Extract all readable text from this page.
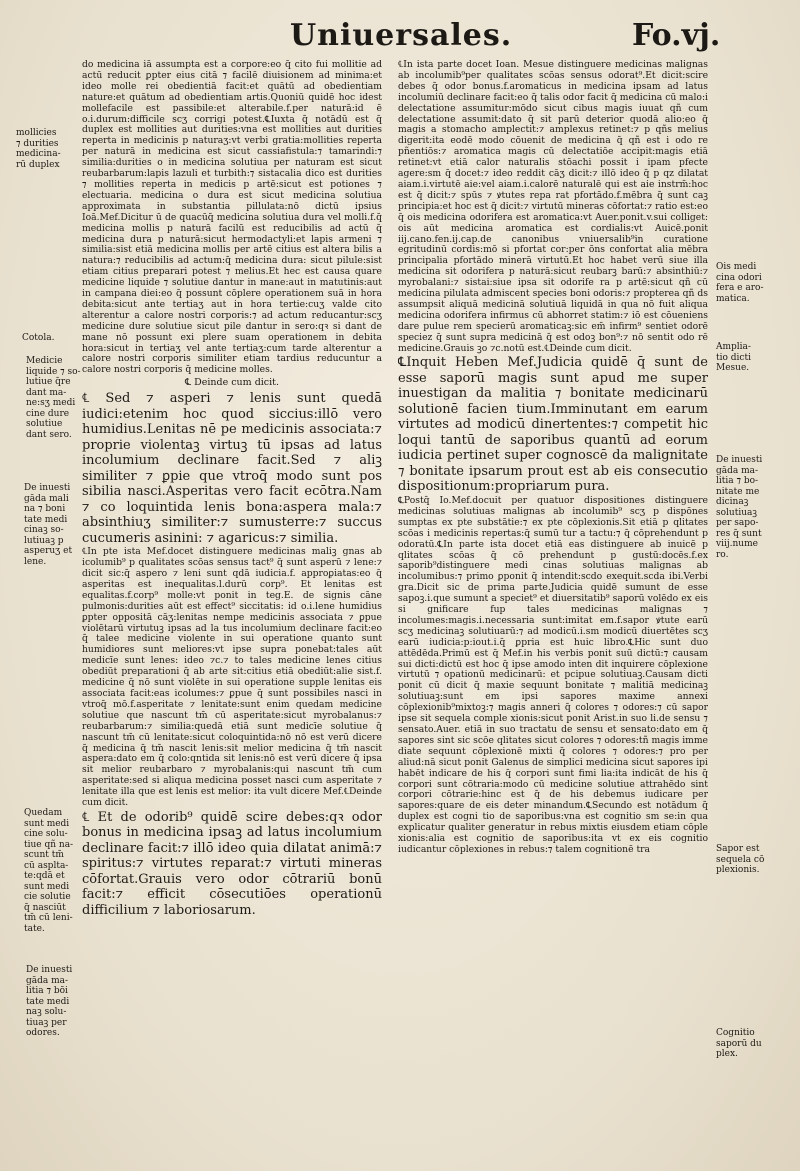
Uniuersales.	Fo.vj.

do medicina iā assumpta est a corpore:eo q̄ cito fui mollitie ad actū reducit ꝑpter eius citā ⁊ facilē diuisionem ad minima:et ideo molle rei obedientiā facit:et quātū ad obedientiam nature:et quātum ad obedientiam artis.Quoniū quidē hoc idest mollefacile est passibile:et alterabile.f.per naturā:id ē o.i.durum:difficile scʒ corrigi potest.℄Iuxta q̄ notādū est q̄ duplex est mollities aut durities:vna est mollities aut durities reperta in medicinis p naturaʒ:vt verbi gratia:mollities reperta per naturā in medicina est sicut cassiafistula:⁊ tamarindi:⁊ similia:durities o in medicina solutiua per naturam est sicut reubarbarum:lapis lazuli et turbith:⁊ sistacalia dico est durities ⁊ mollities reperta in medicis p artē:sicut est potiones ⁊ electuaria. medicina o dura est sicut medicina solutiua approximata in substantia pillulata:nō dictū ipsius Ioā.Mef.Dicitur ū de quacūq̄ medicina solutiua dura vel molli.f.q̄ medicina mollis p naturā facilū est reducibilis ad actū q̄ medicina dura p naturā:sicut hermodactyli:et lapis armeni ⁊ similia:sist etiā medicina mollis per artē citius est altera bilis a natura:⁊ reducibilis ad actum:q̄ medicina dura: sicut pilule:sist etiam citius preparari potest ⁊ melius.Et hec est causa quare medicine liquide ⁊ solutiue dantur in mane:aut in matutinis:aut in campana diei:eo q̄ possunt cōplere operationem suā in hora debita:sicut ante tertiaʒ aut in hora tertie:cuʒ valde cito alterentur a calore nostri corporis:⁊ ad actum reducantur:scʒ medicine dure solutiue sicut pile dantur in sero:qꝛ si dant de mane nō possunt exi plere suam operationem in debita hora:sicut in tertiaʒ vel ante tertiaʒ:cum tarde alterentur a calore nostri corporis similiter etiam tardius reducuntur a calore nostri corporis q̄ medicine molles.

℄ Deinde cum dicit.

℄ Sed ⁊ asperi ⁊ lenis sunt quedā iudici:etenim hoc quod siccius:illō vero humidius.Lenitas nē pe medicinis associata:⁊ proprie violentaꝫ virtuꝫ tū ipsas ad latus incolumium declinare facit.Sed ⁊ aliꝫ similiter ⁊ ꝑpie que vtroq̄ modo sunt pos sibilia nasci.Asperitas vero facit ecōtra.Nam ⁊ co loquintida lenis bona:aspera mala:⁊ absinthiuʒ similiter:⁊ sumusterre:⁊ succus cucumeris asinini: ⁊ agaricus:⁊ similia.

℄In pte ista Mef.docet distinguere medicinas maliꝫ gnas ab icolumib⁹ p qualitates scōas sensus tact⁹ q̄ sunt asperū ⁊ lene:⁊ dicit sic:q̄ aspero ⁊ leni sunt qdā iudicia.f. approꝑiatas:eo q̄ asperitas est inequalitas.l.durū corp⁹. Et lenitas est equalitas.f.corp⁹ molle:vt ponit in teg.E. de signis cāne pulmonis:durities aūt est effect⁹ siccitatis: id o.i.lene humidius ꝑpter oppositā cāʒ:lenitas nempe medicinis associata ⁊ ꝑpue violētarū virtutuꝫ ipsas ad la tus incolumium declinare facit:eo q̄ talee medicine violente in sui operatione quanto sunt humidiores sunt meliores:vt ipse supra ponebat:tales aūt medicīe sunt lenes: ideo ⁊c.⁊ to tales medicine lenes citius obediūt preparationi q̄ ab arte sit:citius etiā obediūt:alie sist.f. medicine q̄ nō sunt violēte in sui operatione supple lenitas eis associata facit:eas icolumes:⁊ ꝑpue q̄ sunt possibiles nasci in vtroq̄ mō.f.asperitate ⁊ lenitate:sunt enim quedam medicine solutiue que nascunt tm̄ cū asperitate:sicut myrobalanus:⁊ reubarbarum:⁊ similia:quedā etiā sunt medicīe solutiue q̄ nascunt tm̄ cū lenitate:sicut coloquintida:nō nō est verū dicere q̄ medicina q̄ tm̄ nascit lenis:sit melior medicina q̄ tm̄ nascit aspera:dato em q̄ colo:qntida sit lenis:nō est verū dicere q̄ ipsa sit melior reubarbaro ⁊ myrobalanis:qui nascunt tm̄ cum asperitate:sed si aliqua medicina posset nasci cum asperitate ⁊ lenitate illa que est lenis est melior: ita vult dicere Mef.℄Deinde cum dicit.

℄ Et de odorib⁹ quidē scire debes:qꝛ odor bonus in medicina ipsaꝫ ad latus incolumium declinare facit:⁊ illō ideo quia dilatat animā:⁊ spiritus:⁊ virtutes reparat:⁊ virtuti mineras cōfortat.Grauis vero odor cōtrariū bonū facit:⁊ efficit cōsecutiōes operationū difficilium ⁊ laboriosarum.

℄In ista parte docet Ioan. Mesue distinguere medicinas malignas ab incolumib⁹per qualitates scōas sensus odorat⁹.Et dicit:scire debes q̄ odor bonus.f.aromaticus in medicina ipsam ad latus incolumiū declinare facit:eo q̄ talis odor facit q̄ medicina cū malo:i delectatione assumitur:mōdo sicut cibus magis iuuat qñ cum delectatione assumit:dato q̄ sit parū deterior quodā alio:eo q̄ magis a stomacho amplectit:⁊ amplexus retinet:⁊ p qñs melius digerit:ita eodē modo cōuenit de medicina q̄ qñ est i odo re pñentiōs:⁊ aromatica magis cū delectatiōe accipit:magis etiā retinet:vt etiā calor naturalis stōachi possit i ipam pfecte agere:sm q̄ docet:⁊ ideo reddit cāʒ dicit:⁊ illō ideo q̄ p qz dilatat aiam.i.virtutē aie:vel aiam.i.calorē naturalē qui est aie instrm̄:hoc est q̄ dicit:⁊ spūs ⁊ ꝟtutes repa rat pfortādo.f.mēbra q̄ sunt caꝫ principia:et hoc est q̄ dicit:⁊ virtutū mineras cōfortat:⁊ ratio est:eo q̄ ois medicina odorifera est aromatica:vt Auer.ponit.v.sui colliget: ois aūt medicina aromatica est cordialis:vt Auicē.ponit iij.cano.fen.ij.cap.de canonibus vniuersalib⁹in curatione egritudinū cordis:mō si pfortat cor:per ōns confortat alia mēbra principalia pfortādo minerā virtutū.Et hoc habet verū siue illa medicina sit odorifera p naturā:sicut reubarꝫ barū:⁊ absinthiū:⁊ myrobalani:⁊ sistai:siue ipsa sit odorife ra p artē:sicut qñ cū medicina pilulata admiscent species boni odoris:⁊ propterea qñ ds assumpsit aliquā medicinā solutiuā liquidā in qua nō fuit aliqua medicina odorifera infirmus cū abhorret statim:⁊ iō est cōueniens dare pulue rem specierū aromaticaꝫ:sic em̄ infirm⁹ sentiet odorē speciez q̄ sunt supra medicinā q̄ est odoꝫ bon⁹:⁊ nō sentit odo rē medicine.Grauis ꝫo ⁊c.notū est.℄Deinde cum dicit.

℄Inquit Heben Mef.Judicia quidē q̄ sunt de esse saporū magis sunt apud me super inuestigan da malitia ⁊ bonitate medicinarū solutionē facien tium.Imminutant em earum virtutes ad modicū dinertentes:⁊ competit hic loqui tantū de saporibus quantū ad eorum iudicia pertinet super cognoscē da malignitate ⁊ bonitate ipsarum prout est ab eis consecutio dispositionum:propriarum pura.

℄Postq̄ Io.Mef.docuit per quatuor dispositiones distinguere medicinas solutiuas malignas ab incolumib⁹ scʒ p dispōnes sumptas ex pte substātie:⁊ ex pte cōplexionis.Sit etiā p qlitates scōas i medicinis repertas:q̄ sumū tur a tactu:⁊ q̄ cōprehendunt p odoratū.℄In parte ista docet etiā eas distinguere ab inuicē p qlitates scōas q̄ cō prehendunt p gustū:docēs.f.ex saporib⁹distinguere medi cinas solutiuas malignas ab incolumibus:⁊ primo ꝑponit q̄ intendit:scdo exequit.scda ibi.Verbi gra.Dicit sic de prima parte.Judicia quidē sumunt de esse sapoꝫ.i.que sumunt a speciet⁹ et diuersitatib⁹ saporū volēdo ex eis si gnificare fup tales medicinas malignas ⁊ incolumes:magis.i.necessaria sunt:imitat em.f.sapor ꝟtute earū scʒ medicinaꝫ solutiuarū:⁊ ad modicū.i.sm modicū diuertētes scʒ earū iudicia:p:iout.i.q̄ ꝑpria est huic libro.℄Hic sunt duo attēdēda.Primū est q̄ Mef.in his verbis ponit suū dictū:⁊ causam sui dicti:dictū est hoc q̄ ipse amodo inten dit inquirere cōplexione virtutū ⁊ opationū medicinarū: et pcipue solutiuaꝫ.Causam dicti ponit cū dicit q̄ maxie sequunt bonitate ⁊ malitiā medicinaꝫ solutiuaꝫ:sunt em ipsi sapores maxime annexi cōplexionib⁹mixtoꝫ:⁊ magis anneri q̄ colores ⁊ odores:⁊ cū sapor ipse sit sequela comple xionis:sicut ponit Arist.in suo li.de sensu ⁊ sensato.Auer. etiā in suo tractatu de sensu et sensato:dato em q̄ sapores sint sic scōe qlitates sicut colores ⁊ odores:tñ magis imme diate sequunt cōplexionē mixti q̄ colores ⁊ odores:⁊ pro per aliud:nā sicut ponit Galenus de simplici medicina sicut sapores ipi habēt indicare de his q̄ corpori sunt fimi lia:ita indicāt de his q̄ corpori sunt cōtraria:modo cū medicine solutiue attrahēdo sint corpori cōtrarie:hinc est q̄ de his debemus iudicare per sapores:quare de eis deter minandum.℄Secundo est notādum q̄ duplex est cogni tio de saporibus:vna est cognitio sm se:in qua explicatur qualiter generatur in rebus mixtis eiusdem etiam cōple xionis:alia est cognitio de saporibus:ita vt ex eis cognitio iudicantur cōplexiones in rebus:⁊ talem cognitionē tra

mollicies
⁊ durities
medicina-
rū duplex
Cotola.
Medicie
liquide ⁊ so-
lutiue q̄re
dant ma-
ne:sʒ medi
cine dure
solutiue
dant sero.
De inuesti
gāda mali
na ⁊ boni
tate medi
cinaꝫ so-
lutiuaꝫ p
asperuʒ et
lene.
Quedam
sunt medi
cine solu-
tiue qñ na-
scunt tm̄
cū asplta-
te:qdā et
sunt medi
cie solutie
q̄ nasciūt
tm̄ cū leni-
tate.
De inuesti
gāda ma-
litia ⁊ bōi
tate medi
naꝫ solu-
tiuaꝫ per
odores.
Ois medi
cina odori
fera e aro-
matica.
Amplia-
tio dicti
Mesue.
De inuesti
gāda ma-
litia ⁊ bo-
nitate me
dicinaꝫ
solutiuaꝫ
per sapo-
res q̄ sunt
viij.nume
ro.
Sapor est
sequela cō
plexionis.
Cognitio
saporū du
plex.
